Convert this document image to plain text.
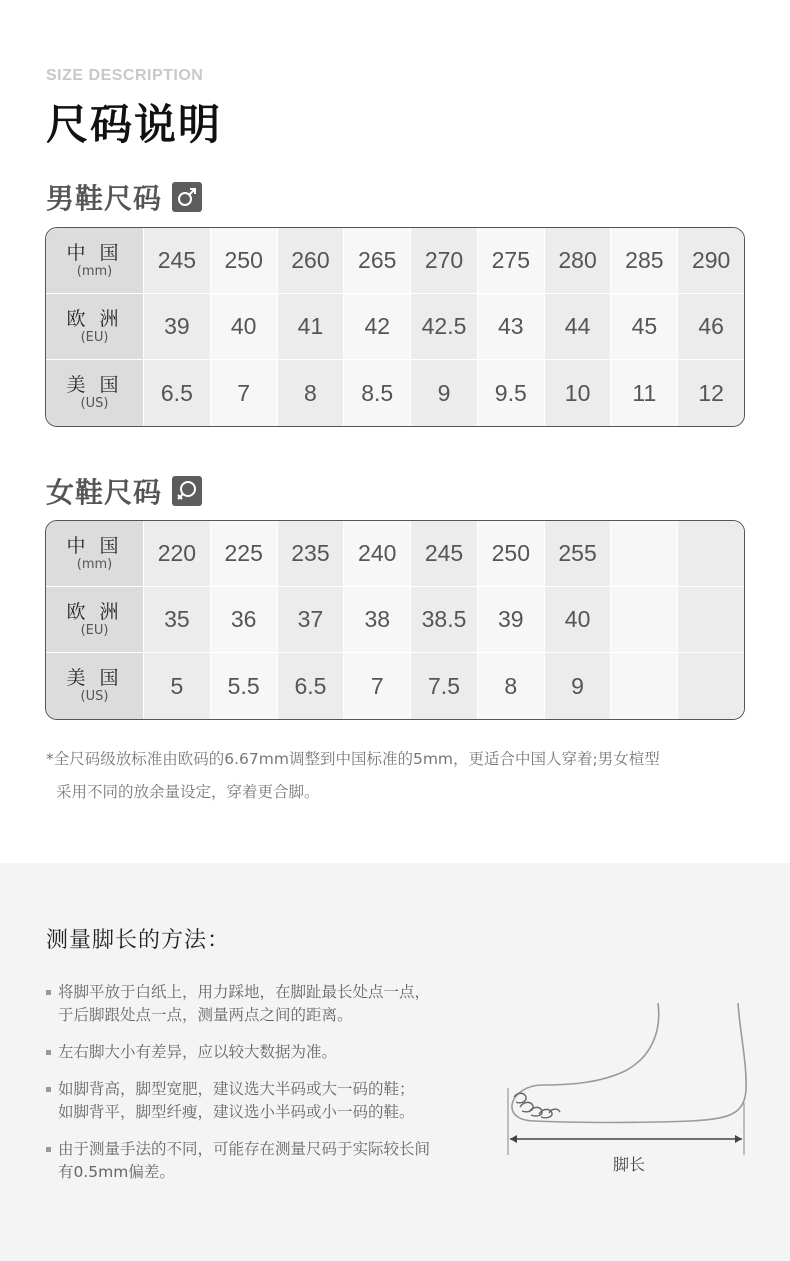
SIZE DESCRIPTION
尺码说明
男鞋尺码
中 国
(mm)	245	250	260	265	270	275	280	285	290
欧 洲
(EU)	39	40	41	42	42.5	43	44	45	46
美 国
(US)	6.5	7	8	8.5	9	9.5	10	11	12
女鞋尺码
中 国
(mm)	220	225	235	240	245	250	255
欧 洲
(EU)	35	36	37	38	38.5	39	40
美 国
(US)	5	5.5	6.5	7	7.5	8	9
*全尺码级放标准由欧码的6.67mm调整到中国标准的5mm，更适合中国人穿着;男女楦型
采用不同的放余量设定，穿着更合脚。
测量脚长的方法：
将脚平放于白纸上，用力踩地，在脚趾最长处点一点，
于后脚跟处点一点，测量两点之间的距离。
左右脚大小有差异，应以较大数据为准。
如脚背高，脚型宽肥，建议选大半码或大一码的鞋；
如脚背平，脚型纤瘦，建议选小半码或小一码的鞋。
由于测量手法的不同，可能存在测量尺码于实际较长间
有0.5mm偏差。	脚长
